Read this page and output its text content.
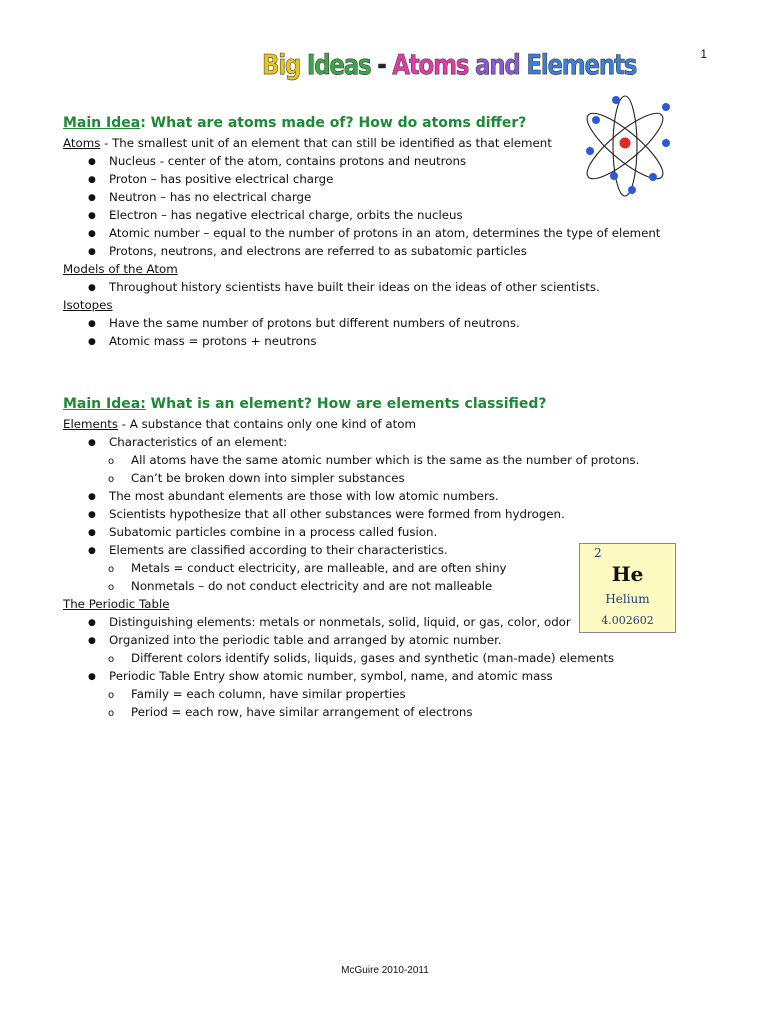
1
Big Ideas - Atoms and Elements
Main Idea: What are atoms made of? How do atoms differ?
Atoms - The smallest unit of an element that can still be identified as that element
● Nucleus - center of the atom, contains protons and neutrons
● Proton – has positive electrical charge
● Neutron – has no electrical charge
● Electron – has negative electrical charge, orbits the nucleus
● Atomic number – equal to the number of protons in an atom, determines the type of element
● Protons, neutrons, and electrons are referred to as subatomic particles
Models of the Atom
● Throughout history scientists have built their ideas on the ideas of other scientists.
Isotopes
● Have the same number of protons but different numbers of neutrons.
● Atomic mass = protons + neutrons
Main Idea: What is an element? How are elements classified?
Elements - A substance that contains only one kind of atom
● Characteristics of an element:
o All atoms have the same atomic number which is the same as the number of protons.
o Can’t be broken down into simpler substances
● The most abundant elements are those with low atomic numbers.
● Scientists hypothesize that all other substances were formed from hydrogen.
● Subatomic particles combine in a process called fusion.
● Elements are classified according to their characteristics.
o Metals = conduct electricity, are malleable, and are often shiny
o Nonmetals – do not conduct electricity and are not malleable
The Periodic Table
● Distinguishing elements: metals or nonmetals, solid, liquid, or gas, color, odor
● Organized into the periodic table and arranged by atomic number.
o Different colors identify solids, liquids, gases and synthetic (man-made) elements
● Periodic Table Entry show atomic number, symbol, name, and atomic mass
o Family = each column, have similar properties
o Period = each row, have similar arrangement of electrons
2
He
Helium
4.002602
McGuire 2010-2011
